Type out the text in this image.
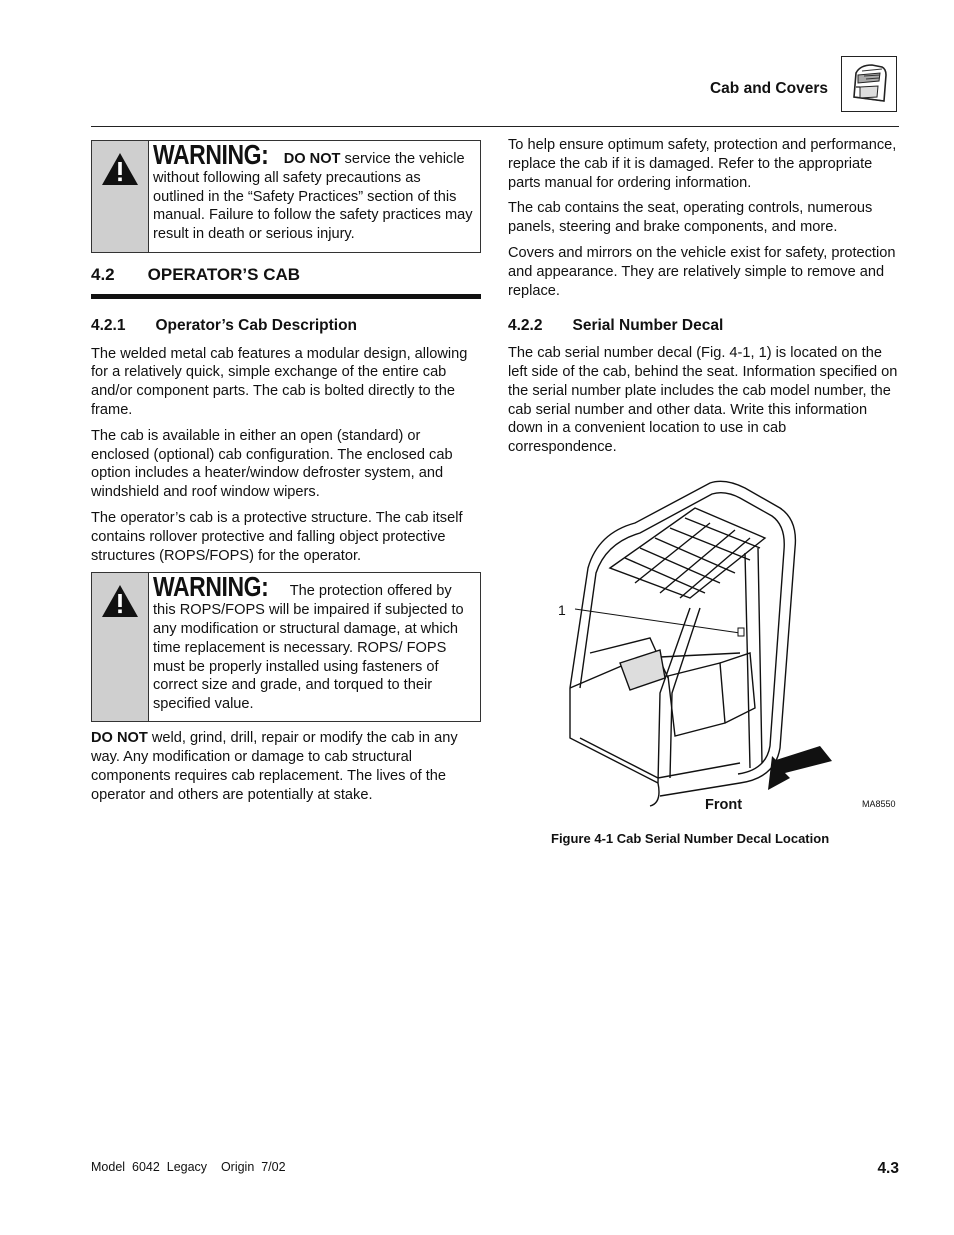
Cab and Covers
WARNING: DO NOT service the vehicle without following all safety precautions as outlined in the “Safety Practices” section of this manual. Failure to follow the safety practices may result in death or serious injury.
4.2 OPERATOR’S CAB
4.2.1 Operator’s Cab Description

The welded metal cab features a modular design, allowing for a relatively quick, simple exchange of the entire cab and/or component parts. The cab is bolted directly to the frame.

The cab is available in either an open (standard) or enclosed (optional) cab configuration. The enclosed cab option includes a heater/window defroster system, and windshield and roof window wipers.

The operator’s cab is a protective structure. The cab itself contains rollover protective and falling object protective structures (ROPS/FOPS) for the operator.

WARNING: The protection offered by this ROPS/FOPS will be impaired if subjected to any modification or structural damage, at which time replacement is necessary. ROPS/ FOPS must be properly installed using fasteners of correct size and grade, and torqued to their specified value.

DO NOT weld, grind, drill, repair or modify the cab in any way. Any modification or damage to cab structural components requires cab replacement. The lives of the operator and others are potentially at stake.

To help ensure optimum safety, protection and performance, replace the cab if it is damaged. Refer to the appropriate parts manual for ordering information.

The cab contains the seat, operating controls, numerous panels, steering and brake components, and more.

Covers and mirrors on the vehicle exist for safety, protection and appearance. They are relatively simple to remove and replace.

4.2.2 Serial Number Decal

The cab serial number decal (Fig. 4-1, 1) is located on the left side of the cab, behind the seat. Information specified on the serial number plate includes the cab model number, the cab serial number and other data. Write this information down in a convenient location to use in cab correspondence.

1
Front	MA8550
Figure 4-1 Cab Serial Number Decal Location
Model  6042  Legacy    Origin  7/02	4.3
